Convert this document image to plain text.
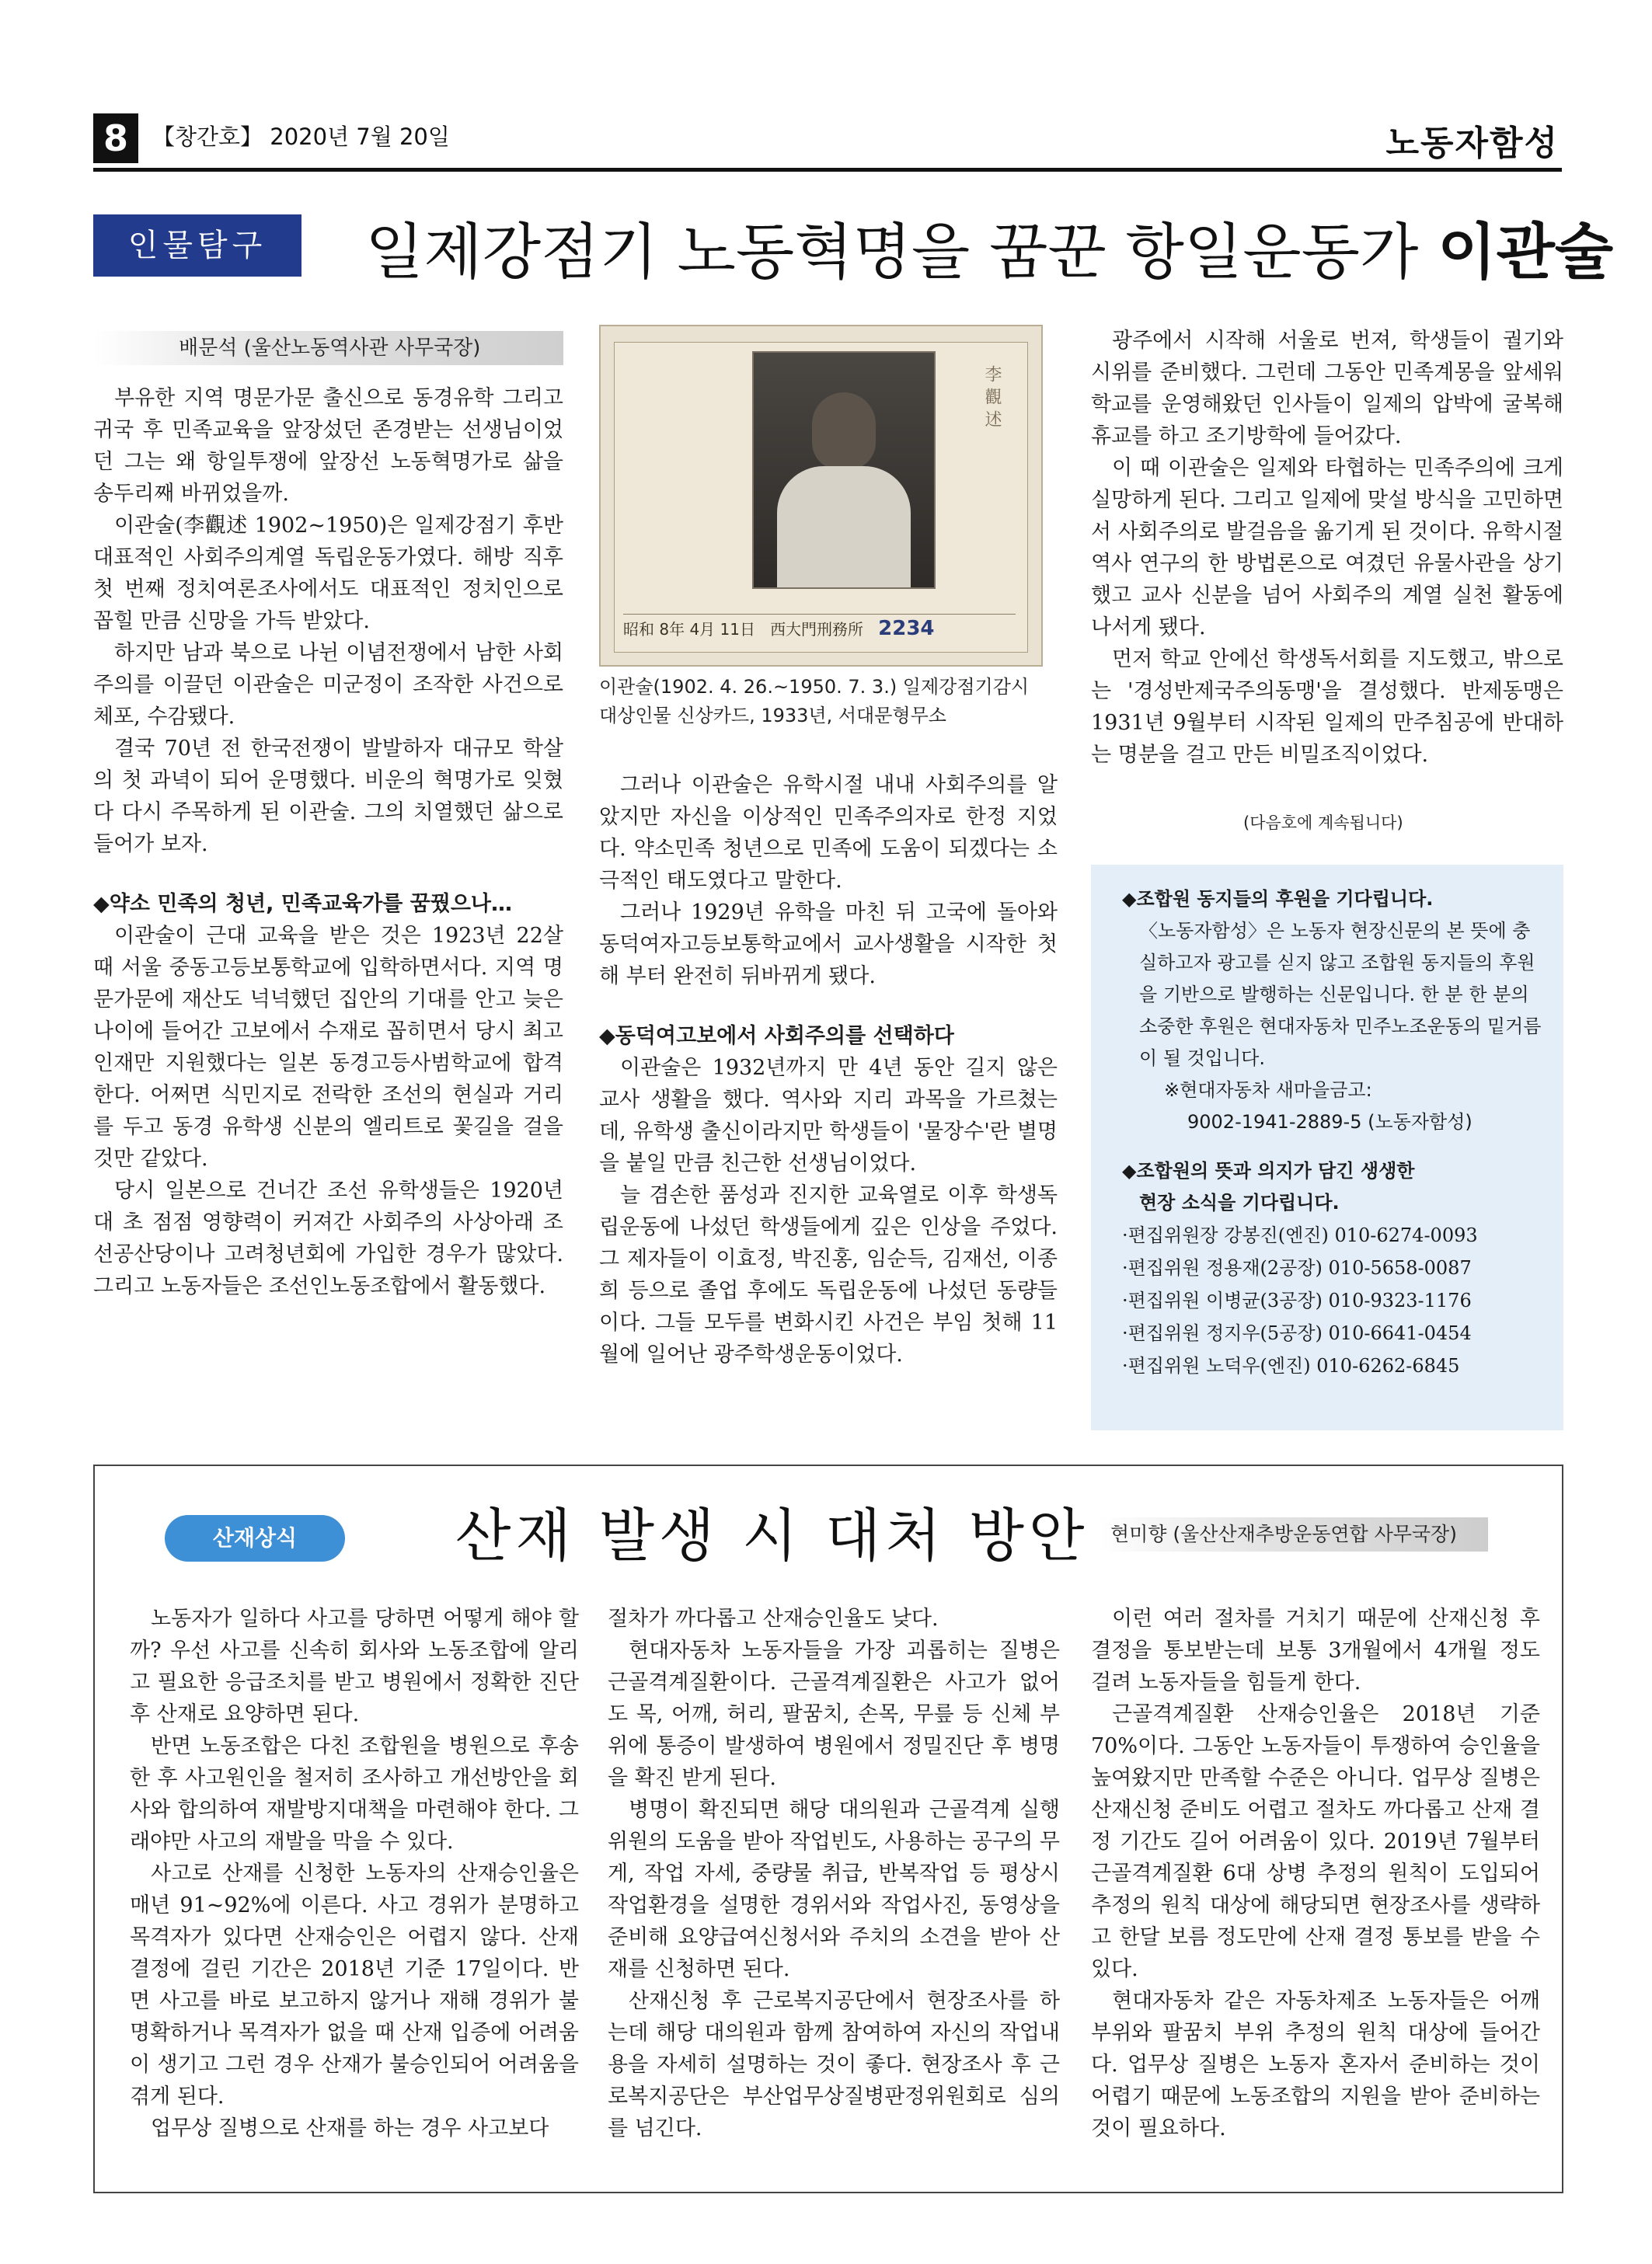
8	【창간호】 2020년 7월 20일	노동자함성
인물탐구	일제강점기 노동혁명을 꿈꾼 항일운동가 이관술
배문석 (울산노동역사관 사무국장)

부유한 지역 명문가문 출신으로 동경유학 그리고 귀국 후 민족교육을 앞장섰던 존경받는 선생님이었던 그는 왜 항일투쟁에 앞장선 노동혁명가로 삶을 송두리째 바뀌었을까.

이관술(李觀述 1902~1950)은 일제강점기 후반 대표적인 사회주의계열 독립운동가였다. 해방 직후 첫 번째 정치여론조사에서도 대표적인 정치인으로 꼽힐 만큼 신망을 가득 받았다.

하지만 남과 북으로 나뉜 이념전쟁에서 남한 사회주의를 이끌던 이관술은 미군정이 조작한 사건으로 체포, 수감됐다.

결국 70년 전 한국전쟁이 발발하자 대규모 학살의 첫 과녁이 되어 운명했다. 비운의 혁명가로 잊혔다 다시 주목하게 된 이관술. 그의 치열했던 삶으로 들어가 보자.

◆약소 민족의 청년, 민족교육가를 꿈꿨으나…

이관술이 근대 교육을 받은 것은 1923년 22살 때 서울 중동고등보통학교에 입학하면서다. 지역 명문가문에 재산도 넉넉했던 집안의 기대를 안고 늦은 나이에 들어간 고보에서 수재로 꼽히면서 당시 최고 인재만 지원했다는 일본 동경고등사범학교에 합격한다. 어쩌면 식민지로 전락한 조선의 현실과 거리를 두고 동경 유학생 신분의 엘리트로 꽃길을 걸을 것만 같았다.

당시 일본으로 건너간 조선 유학생들은 1920년대 초 점점 영향력이 커져간 사회주의 사상아래 조선공산당이나 고려청년회에 가입한 경우가 많았다. 그리고 노동자들은 조선인노동조합에서 활동했다.

李 觀 述
昭和 8年 4月 11日 西大門刑務所 2234
이관술(1902. 4. 26.~1950. 7. 3.) 일제강점기감시대상인물 신상카드, 1933년, 서대문형무소

그러나 이관술은 유학시절 내내 사회주의를 알았지만 자신을 이상적인 민족주의자로 한정 지었다. 약소민족 청년으로 민족에 도움이 되겠다는 소극적인 태도였다고 말한다.

그러나 1929년 유학을 마친 뒤 고국에 돌아와 동덕여자고등보통학교에서 교사생활을 시작한 첫 해 부터 완전히 뒤바뀌게 됐다.

◆동덕여고보에서 사회주의를 선택하다

이관술은 1932년까지 만 4년 동안 길지 않은 교사 생활을 했다. 역사와 지리 과목을 가르쳤는데, 유학생 출신이라지만 학생들이 '물장수'란 별명을 붙일 만큼 친근한 선생님이었다.

늘 겸손한 품성과 진지한 교육열로 이후 학생독립운동에 나섰던 학생들에게 깊은 인상을 주었다. 그 제자들이 이효정, 박진홍, 임순득, 김재선, 이종희 등으로 졸업 후에도 독립운동에 나섰던 동량들이다. 그들 모두를 변화시킨 사건은 부임 첫해 11월에 일어난 광주학생운동이었다.

광주에서 시작해 서울로 번져, 학생들이 궐기와 시위를 준비했다. 그런데 그동안 민족계몽을 앞세워 학교를 운영해왔던 인사들이 일제의 압박에 굴복해 휴교를 하고 조기방학에 들어갔다.

이 때 이관술은 일제와 타협하는 민족주의에 크게 실망하게 된다. 그리고 일제에 맞설 방식을 고민하면서 사회주의로 발걸음을 옮기게 된 것이다. 유학시절 역사 연구의 한 방법론으로 여겼던 유물사관을 상기했고 교사 신분을 넘어 사회주의 계열 실천 활동에 나서게 됐다.

먼저 학교 안에선 학생독서회를 지도했고, 밖으로는 '경성반제국주의동맹'을 결성했다. 반제동맹은 1931년 9월부터 시작된 일제의 만주침공에 반대하는 명분을 걸고 만든 비밀조직이었다.

(다음호에 계속됩니다)
◆조합원 동지들의 후원을 기다립니다.
〈노동자함성〉은 노동자 현장신문의 본 뜻에 충실하고자 광고를 싣지 않고 조합원 동지들의 후원을 기반으로 발행하는 신문입니다. 한 분 한 분의 소중한 후원은 현대자동차 민주노조운동의 밑거름이 될 것입니다.
※현대자동차 새마을금고:
9002-1941-2889-5 (노동자함성)
◆조합원의 뜻과 의지가 담긴 생생한
현장 소식을 기다립니다.
·편집위원장 강봉진(엔진) 010-6274-0093
·편집위원 정용재(2공장) 010-5658-0087
·편집위원 이병균(3공장) 010-9323-1176
·편집위원 정지우(5공장) 010-6641-0454
·편집위원 노덕우(엔진) 010-6262-6845
산재상식	산재 발생 시 대처 방안	현미향 (울산산재추방운동연합 사무국장)

노동자가 일하다 사고를 당하면 어떻게 해야 할까? 우선 사고를 신속히 회사와 노동조합에 알리고 필요한 응급조치를 받고 병원에서 정확한 진단 후 산재로 요양하면 된다.

반면 노동조합은 다친 조합원을 병원으로 후송한 후 사고원인을 철저히 조사하고 개선방안을 회사와 합의하여 재발방지대책을 마련해야 한다. 그래야만 사고의 재발을 막을 수 있다.

사고로 산재를 신청한 노동자의 산재승인율은 매년 91~92%에 이른다. 사고 경위가 분명하고 목격자가 있다면 산재승인은 어렵지 않다. 산재 결정에 걸린 기간은 2018년 기준 17일이다. 반면 사고를 바로 보고하지 않거나 재해 경위가 불명확하거나 목격자가 없을 때 산재 입증에 어려움이 생기고 그런 경우 산재가 불승인되어 어려움을 겪게 된다.

업무상 질병으로 산재를 하는 경우 사고보다

절차가 까다롭고 산재승인율도 낮다.

현대자동차 노동자들을 가장 괴롭히는 질병은 근골격계질환이다. 근골격계질환은 사고가 없어도 목, 어깨, 허리, 팔꿈치, 손목, 무릎 등 신체 부위에 통증이 발생하여 병원에서 정밀진단 후 병명을 확진 받게 된다.

병명이 확진되면 해당 대의원과 근골격계 실행위원의 도움을 받아 작업빈도, 사용하는 공구의 무게, 작업 자세, 중량물 취급, 반복작업 등 평상시 작업환경을 설명한 경위서와 작업사진, 동영상을 준비해 요양급여신청서와 주치의 소견을 받아 산재를 신청하면 된다.

산재신청 후 근로복지공단에서 현장조사를 하는데 해당 대의원과 함께 참여하여 자신의 작업내용을 자세히 설명하는 것이 좋다. 현장조사 후 근로복지공단은 부산업무상질병판정위원회로 심의를 넘긴다.

이런 여러 절차를 거치기 때문에 산재신청 후 결정을 통보받는데 보통 3개월에서 4개월 정도 걸려 노동자들을 힘들게 한다.

근골격계질환 산재승인율은 2018년 기준 70%이다. 그동안 노동자들이 투쟁하여 승인율을 높여왔지만 만족할 수준은 아니다. 업무상 질병은 산재신청 준비도 어렵고 절차도 까다롭고 산재 결정 기간도 길어 어려움이 있다. 2019년 7월부터 근골격계질환 6대 상병 추정의 원칙이 도입되어 추정의 원칙 대상에 해당되면 현장조사를 생략하고 한달 보름 정도만에 산재 결정 통보를 받을 수 있다.

현대자동차 같은 자동차제조 노동자들은 어깨 부위와 팔꿈치 부위 추정의 원칙 대상에 들어간다. 업무상 질병은 노동자 혼자서 준비하는 것이 어렵기 때문에 노동조합의 지원을 받아 준비하는 것이 필요하다.
